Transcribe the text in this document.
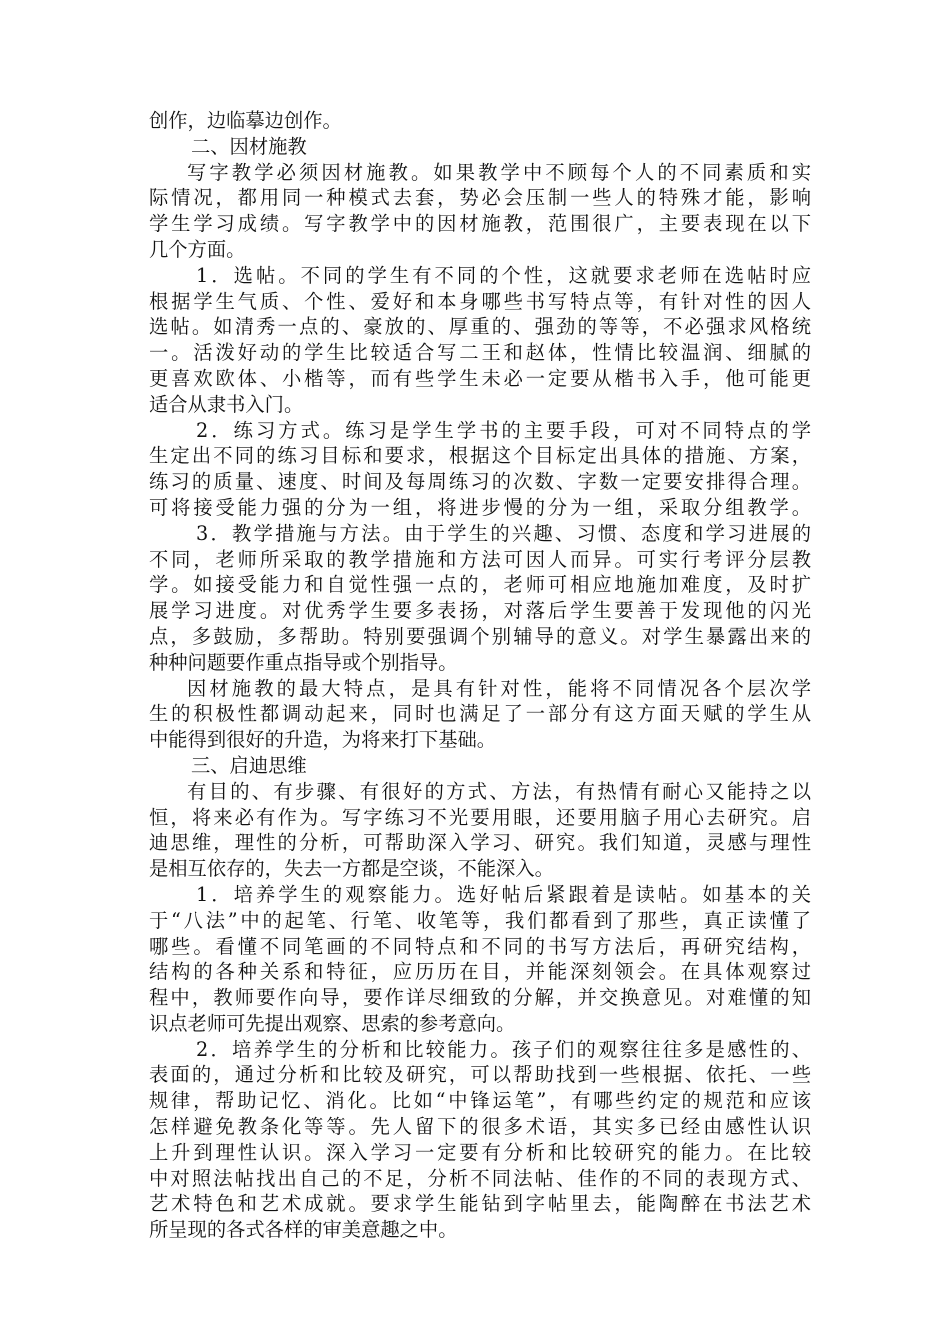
创作，边临摹边创作。
二、因材施教
写字教学必须因材施教。如果教学中不顾每个人的不同素质和实
际情况，都用同一种模式去套，势必会压制一些人的特殊才能，影响
学生学习成绩。写字教学中的因材施教，范围很广，主要表现在以下
几个方面。
1．选帖。不同的学生有不同的个性，这就要求老师在选帖时应
根据学生气质、个性、爱好和本身哪些书写特点等，有针对性的因人
选帖。如清秀一点的、豪放的、厚重的、强劲的等等，不必强求风格统
一。活泼好动的学生比较适合写二王和赵体，性情比较温润、细腻的
更喜欢欧体、小楷等，而有些学生未必一定要从楷书入手，他可能更
适合从隶书入门。
2．练习方式。练习是学生学书的主要手段，可对不同特点的学
生定出不同的练习目标和要求，根据这个目标定出具体的措施、方案，
练习的质量、速度、时间及每周练习的次数、字数一定要安排得合理。
可将接受能力强的分为一组，将进步慢的分为一组，采取分组教学。
3．教学措施与方法。由于学生的兴趣、习惯、态度和学习进展的
不同，老师所采取的教学措施和方法可因人而异。可实行考评分层教
学。如接受能力和自觉性强一点的，老师可相应地施加难度，及时扩
展学习进度。对优秀学生要多表扬，对落后学生要善于发现他的闪光
点，多鼓励，多帮助。特别要强调个别辅导的意义。对学生暴露出来的
种种问题要作重点指导或个别指导。
因材施教的最大特点，是具有针对性，能将不同情况各个层次学
生的积极性都调动起来，同时也满足了一部分有这方面天赋的学生从
中能得到很好的升造，为将来打下基础。
三、启迪思维
有目的、有步骤、有很好的方式、方法，有热情有耐心又能持之以
恒，将来必有作为。写字练习不光要用眼，还要用脑子用心去研究。启
迪思维，理性的分析，可帮助深入学习、研究。我们知道，灵感与理性
是相互依存的，失去一方都是空谈，不能深入。
1．培养学生的观察能力。选好帖后紧跟着是读帖。如基本的关
于“八法”中的起笔、行笔、收笔等，我们都看到了那些，真正读懂了
哪些。看懂不同笔画的不同特点和不同的书写方法后，再研究结构，
结构的各种关系和特征，应历历在目，并能深刻领会。在具体观察过
程中，教师要作向导，要作详尽细致的分解，并交换意见。对难懂的知
识点老师可先提出观察、思索的参考意向。
2．培养学生的分析和比较能力。孩子们的观察往往多是感性的、
表面的，通过分析和比较及研究，可以帮助找到一些根据、依托、一些
规律，帮助记忆、消化。比如“中锋运笔”，有哪些约定的规范和应该
怎样避免教条化等等。先人留下的很多术语，其实多已经由感性认识
上升到理性认识。深入学习一定要有分析和比较研究的能力。在比较
中对照法帖找出自己的不足，分析不同法帖、佳作的不同的表现方式、
艺术特色和艺术成就。要求学生能钻到字帖里去，能陶醉在书法艺术
所呈现的各式各样的审美意趣之中。
